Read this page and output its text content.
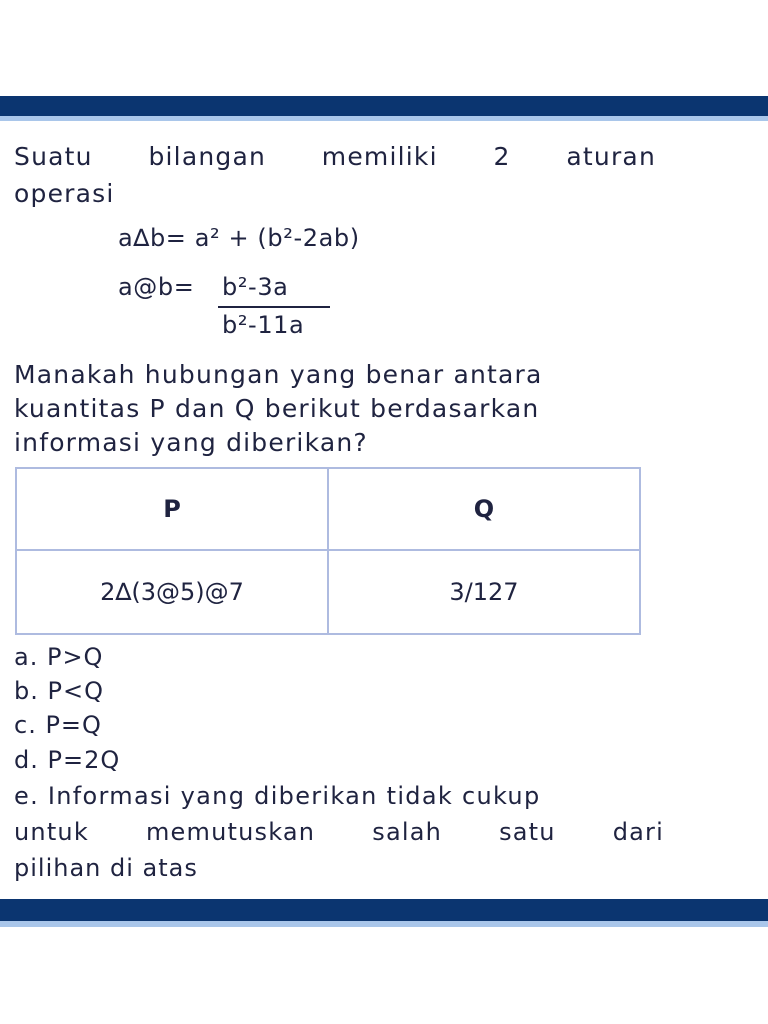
Suatu bilangan memiliki 2 aturan
operasi
a∆b= a² + (b²-2ab)
a@b= b²-3a
b²-11a
Manakah hubungan yang benar antara
kuantitas P dan Q berikut berdasarkan
informasi yang diberikan?
P	Q
2∆(3@5)@7	3/127
a. P>Q
b. P<Q
c. P=Q
d. P=2Q
e. Informasi yang diberikan tidak cukup
untuk memutuskan salah satu dari
pilihan di atas
